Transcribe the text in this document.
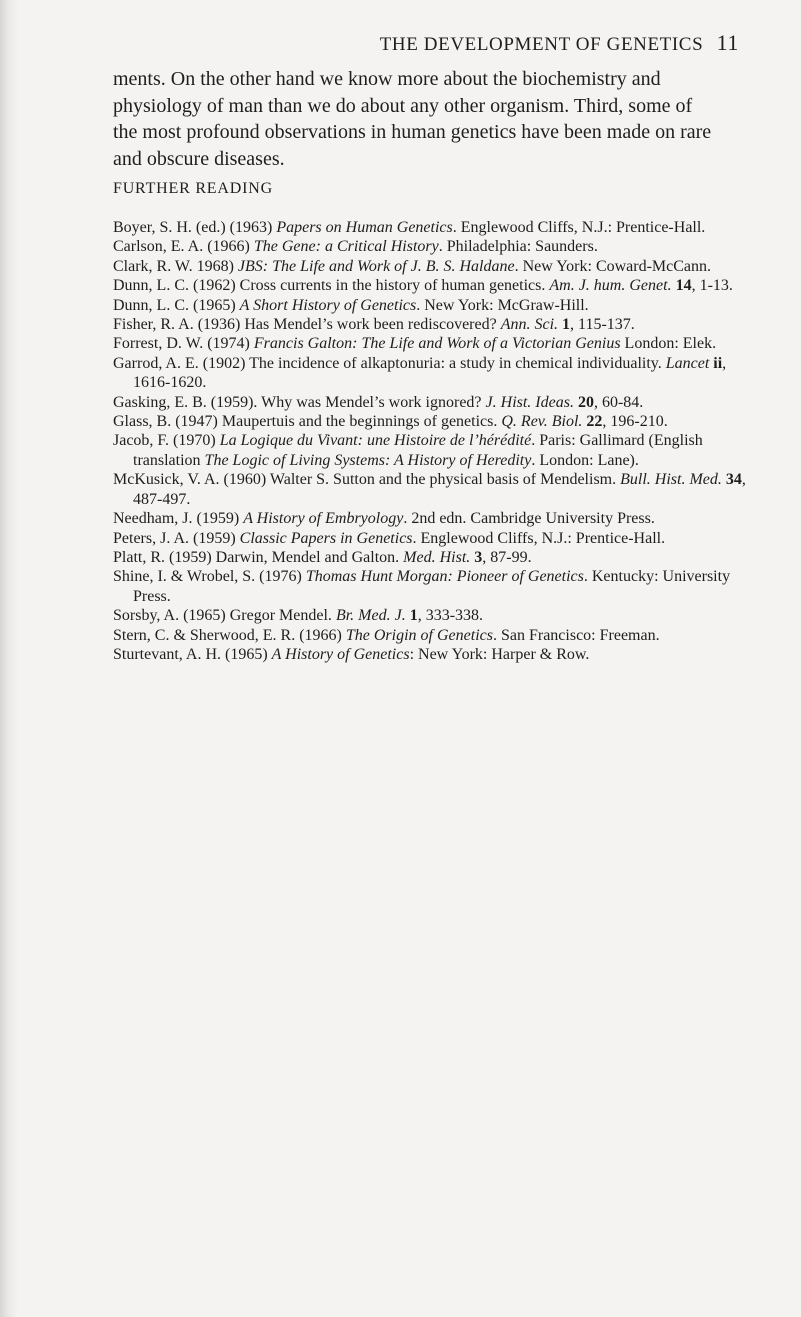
THE DEVELOPMENT OF GENETICS 11
ments. On the other hand we know more about the biochemistry and physiology of man than we do about any other organism. Third, some of the most profound observations in human genetics have been made on rare and obscure diseases.
FURTHER READING
Boyer, S. H. (ed.) (1963) Papers on Human Genetics. Englewood Cliffs, N.J.: Prentice-Hall.
Carlson, E. A. (1966) The Gene: a Critical History. Philadelphia: Saunders.
Clark, R. W. 1968) JBS: The Life and Work of J. B. S. Haldane. New York: Coward-McCann.
Dunn, L. C. (1962) Cross currents in the history of human genetics. Am. J. hum. Genet. 14, 1-13.
Dunn, L. C. (1965) A Short History of Genetics. New York: McGraw-Hill.
Fisher, R. A. (1936) Has Mendel’s work been rediscovered? Ann. Sci. 1, 115-137.
Forrest, D. W. (1974) Francis Galton: The Life and Work of a Victorian Genius London: Elek.
Garrod, A. E. (1902) The incidence of alkaptonuria: a study in chemical individuality. Lancet ii, 1616-1620.
Gasking, E. B. (1959). Why was Mendel’s work ignored? J. Hist. Ideas. 20, 60-84.
Glass, B. (1947) Maupertuis and the beginnings of genetics. Q. Rev. Biol. 22, 196-210.
Jacob, F. (1970) La Logique du Vivant: une Histoire de l’hérédité. Paris: Gallimard (English translation The Logic of Living Systems: A History of Heredity. London: Lane).
McKusick, V. A. (1960) Walter S. Sutton and the physical basis of Mendelism. Bull. Hist. Med. 34, 487-497.
Needham, J. (1959) A History of Embryology. 2nd edn. Cambridge University Press.
Peters, J. A. (1959) Classic Papers in Genetics. Englewood Cliffs, N.J.: Prentice-Hall.
Platt, R. (1959) Darwin, Mendel and Galton. Med. Hist. 3, 87-99.
Shine, I. & Wrobel, S. (1976) Thomas Hunt Morgan: Pioneer of Genetics. Kentucky: University Press.
Sorsby, A. (1965) Gregor Mendel. Br. Med. J. 1, 333-338.
Stern, C. & Sherwood, E. R. (1966) The Origin of Genetics. San Francisco: Freeman.
Sturtevant, A. H. (1965) A History of Genetics: New York: Harper & Row.
